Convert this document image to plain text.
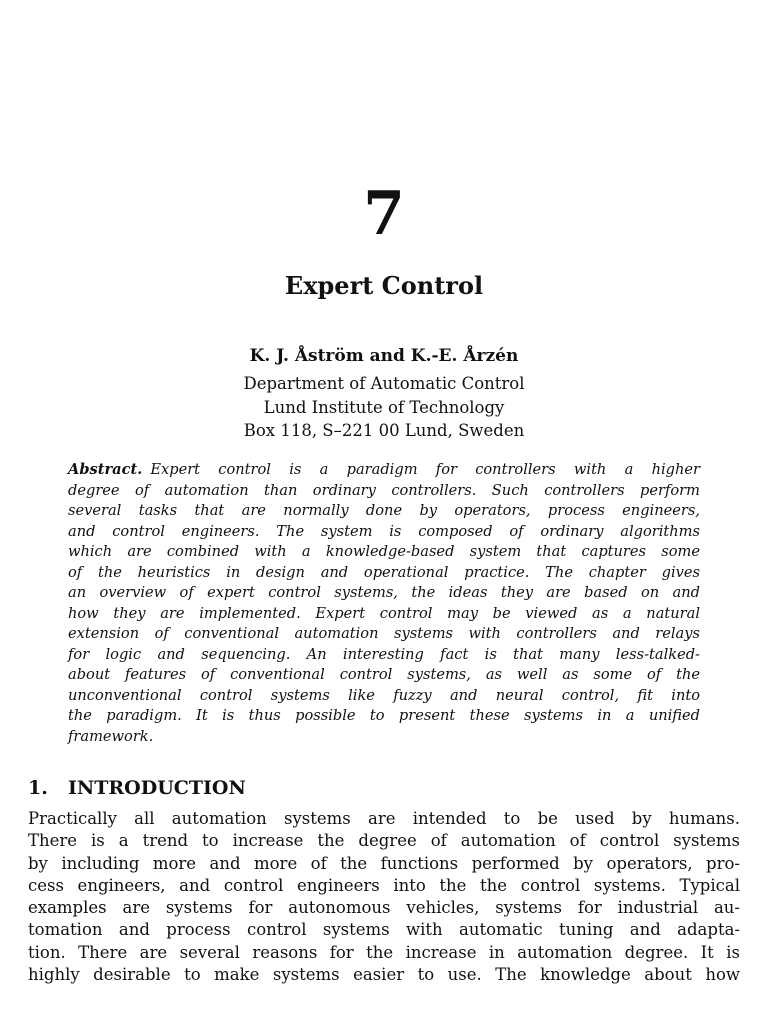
7
Expert Control
K. J. Åström and K.-E. Årzén
Department of Automatic Control
Lund Institute of Technology
Box 118, S–221 00 Lund, Sweden
Abstract. Expert control is a paradigm for controllers with a higher
degree of automation than ordinary controllers. Such controllers perform
several tasks that are normally done by operators, process engineers,
and control engineers. The system is composed of ordinary algorithms
which are combined with a knowledge-based system that captures some
of the heuristics in design and operational practice. The chapter gives
an overview of expert control systems, the ideas they are based on and
how they are implemented. Expert control may be viewed as a natural
extension of conventional automation systems with controllers and relays
for logic and sequencing. An interesting fact is that many less-talked-
about features of conventional control systems, as well as some of the
unconventional control systems like fuzzy and neural control, fit into
the paradigm. It is thus possible to present these systems in a unified
framework.
1. INTRODUCTION
Practically all automation systems are intended to be used by humans.
There is a trend to increase the degree of automation of control systems
by including more and more of the functions performed by operators, pro-
cess engineers, and control engineers into the the control systems. Typical
examples are systems for autonomous vehicles, systems for industrial au-
tomation and process control systems with automatic tuning and adapta-
tion. There are several reasons for the increase in automation degree. It is
highly desirable to make systems easier to use. The knowledge about how
